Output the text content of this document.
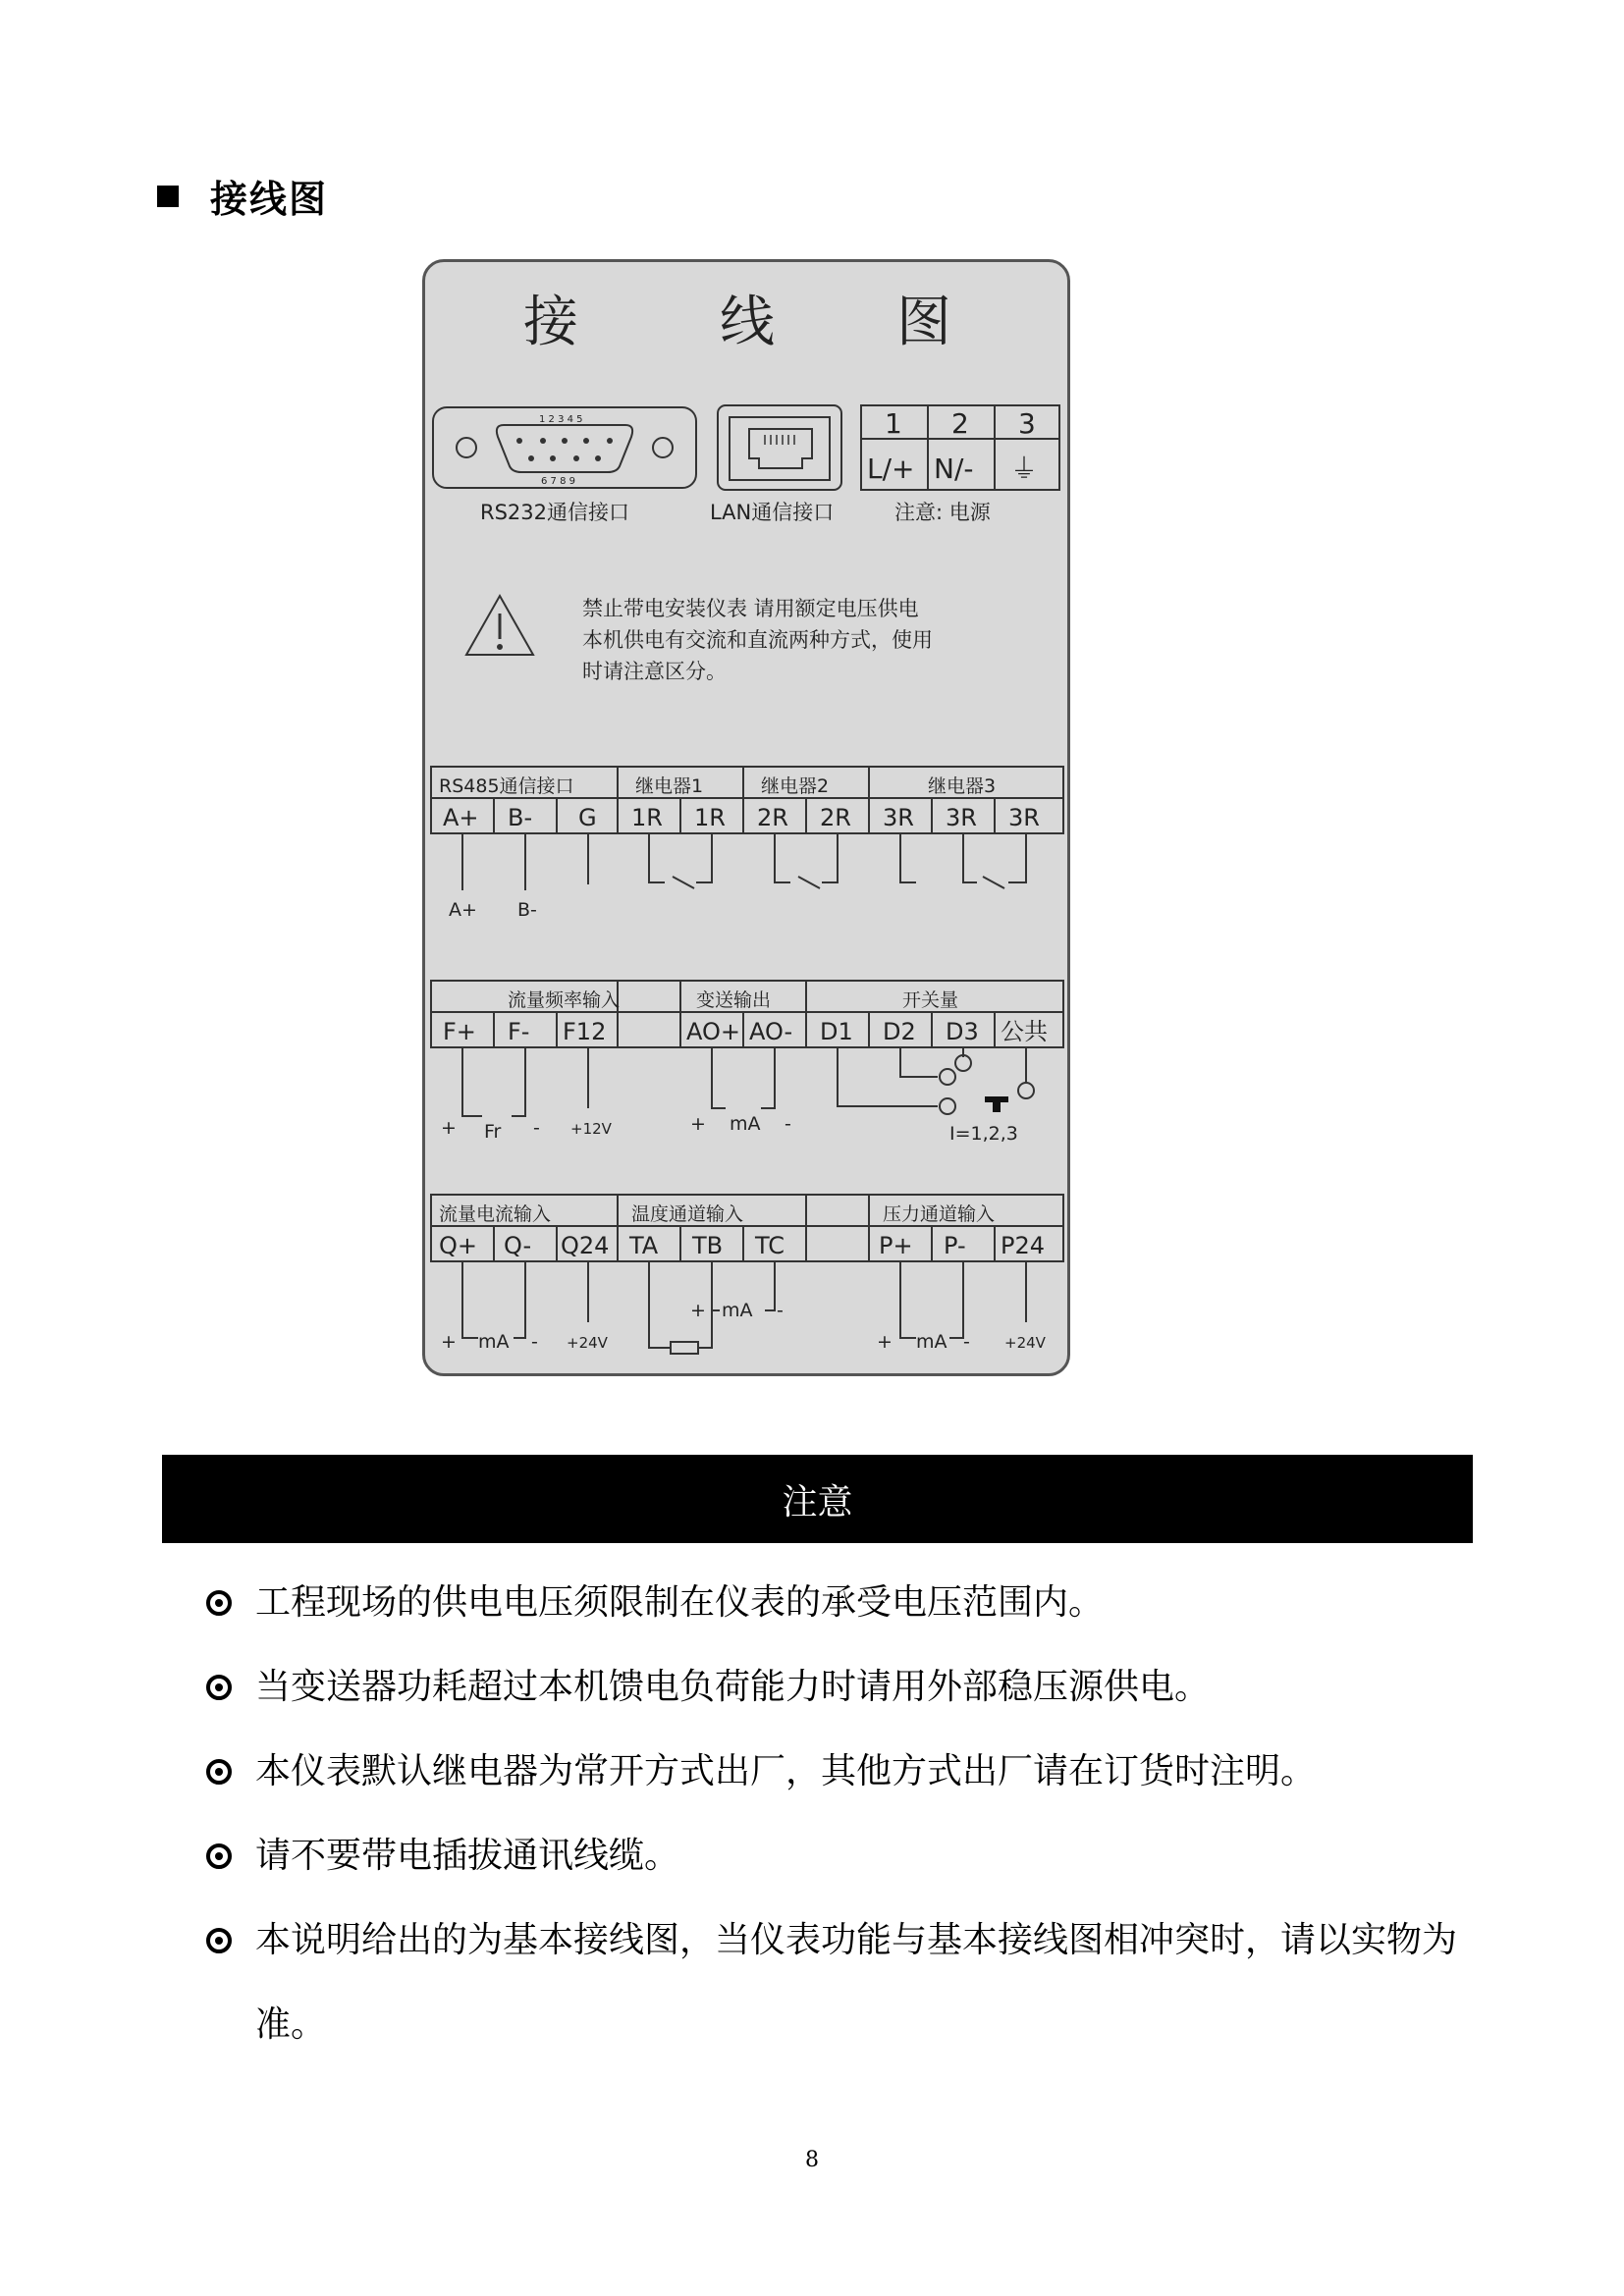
接线图
接	线 图
1 2 3 4 5
6 7 8 9
RS232通信接口	LAN通信接口
1 2 3
L/+ N/- ⏚
注意: 电源
禁止带电安装仪表 请用额定电压供电
本机供电有交流和直流两种方式，使用
时请注意区分。
RS485通信接口	继电器1	继电器2	继电器3
A+ B- G 1R 1R 2R 2R 3R 3R 3R
A+ B-
流量频率输入	变送输出	开关量
F+ F- F12	AO+ AO- D1 D2 D3 公共
+ Fr - +12V	+ mA -	I=1,2,3
流量电流输入	温度通道输入	压力通道输入
Q+ Q- Q24 TA TB TC	P+ P- P24
+ mA - +24V
+ mA -
+ mA - +24V
注意
工程现场的供电电压须限制在仪表的承受电压范围内。
当变送器功耗超过本机馈电负荷能力时请用外部稳压源供电。
本仪表默认继电器为常开方式出厂，其他方式出厂请在订货时注明。
请不要带电插拔通讯线缆。
本说明给出的为基本接线图，当仪表功能与基本接线图相冲突时，请以实物为准。
8
